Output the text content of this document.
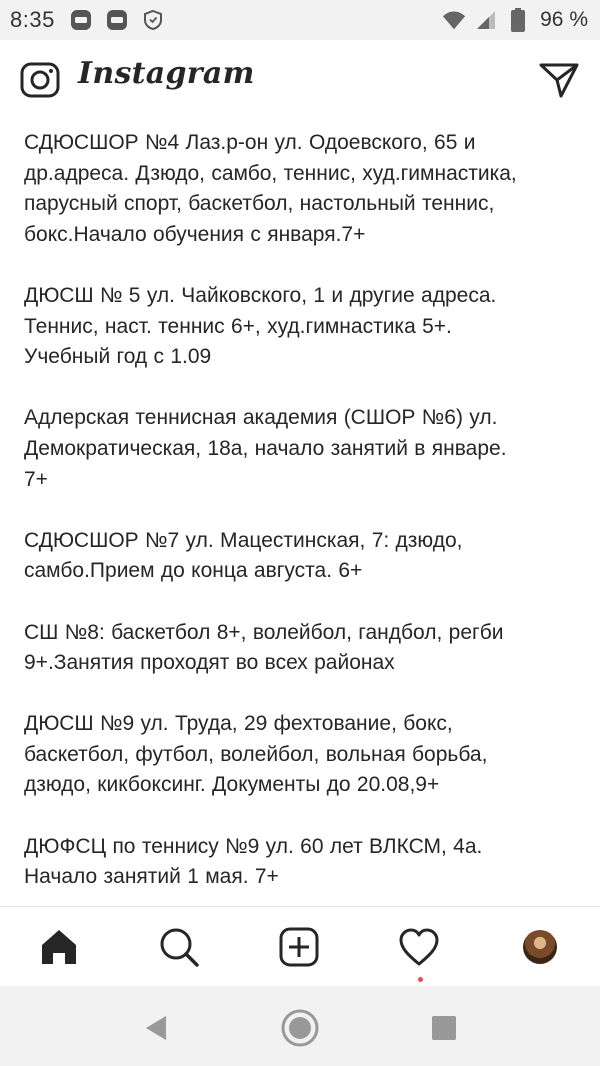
8:35	96 %
Instagram

СДЮСШОР №4 Лаз.р-он ул. Одоевского, 65 и
др.адреса. Дзюдо, самбо, теннис, худ.гимнастика,
парусный спорт, баскетбол, настольный теннис,
бокс.Начало обучения с января.7+

ДЮСШ № 5 ул. Чайковского, 1 и другие адреса.
Теннис, наст. теннис 6+, худ.гимнастика 5+.
Учебный год с 1.09

Адлерская теннисная академия (СШОР №6) ул.
Демократическая, 18а, начало занятий в январе.
7+

СДЮСШОР №7 ул. Мацестинская, 7: дзюдо,
самбо.Прием до конца августа. 6+

СШ №8: баскетбол 8+, волейбол, гандбол, регби
9+.Занятия проходят во всех районах

ДЮСШ №9 ул. Труда, 29 фехтование, бокс,
баскетбол, футбол, волейбол, вольная борьба,
дзюдо, кикбоксинг. Документы до 20.08,9+

ДЮФСЦ по теннису №9 ул. 60 лет ВЛКСМ, 4а.
Начало занятий 1 мая. 7+
